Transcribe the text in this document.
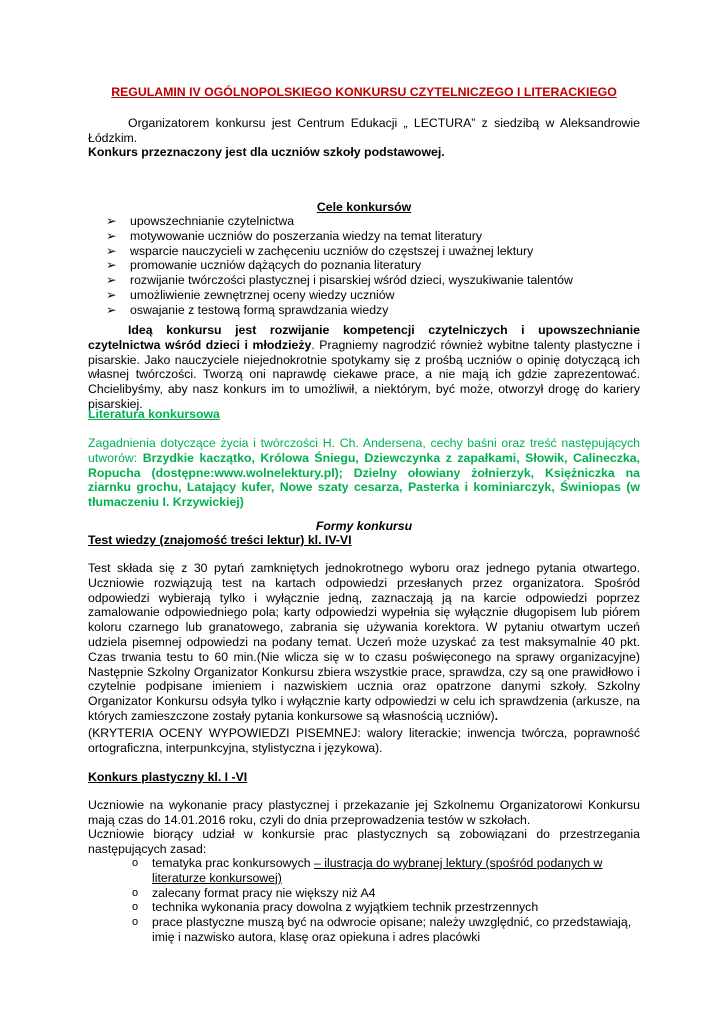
REGULAMIN IV OGÓLNOPOLSKIEGO KONKURSU CZYTELNICZEGO I LITERACKIEGO

Organizatorem konkursu jest Centrum Edukacji „ LECTURA” z siedzibą w Aleksandrowie Łódzkim.

Konkurs przeznaczony jest dla uczniów szkoły podstawowej.

Cele konkursów
➢ upowszechnianie czytelnictwa
➢ motywowanie uczniów do poszerzania wiedzy na temat literatury
➢ wsparcie nauczycieli w zachęceniu uczniów do częstszej i uważnej lektury
➢ promowanie uczniów dążących do poznania literatury
➢ rozwijanie twórczości plastycznej i pisarskiej wśród dzieci, wyszukiwanie talentów
➢ umożliwienie zewnętrznej oceny wiedzy uczniów
➢ oswajanie z testową formą sprawdzania wiedzy

Ideą konkursu jest rozwijanie kompetencji czytelniczych i upowszechnianie czytelnictwa wśród dzieci i młodzieży. Pragniemy nagrodzić również wybitne talenty plastyczne i pisarskie. Jako nauczyciele niejednokrotnie spotykamy się z prośbą uczniów o opinię dotyczącą ich własnej twórczości. Tworzą oni naprawdę ciekawe prace, a nie mają ich gdzie zaprezentować. Chcielibyśmy, aby nasz konkurs im to umożliwił, a niektórym, być może, otworzył drogę do kariery pisarskiej.

Literatura konkursowa

Zagadnienia dotyczące życia i twórczości H. Ch. Andersena, cechy baśni oraz treść następujących utworów: Brzydkie kaczątko, Królowa Śniegu, Dziewczynka z zapałkami, Słowik, Calineczka, Ropucha (dostępne:www.wolnelektury.pl); Dzielny ołowiany żołnierzyk, Księżniczka na ziarnku grochu, Latający kufer, Nowe szaty cesarza, Pasterka i kominiarczyk, Świniopas (w tłumaczeniu I. Krzywickiej)

Formy konkursu
Test wiedzy (znajomość treści lektur) kl. IV-VI

Test składa się z 30 pytań zamkniętych jednokrotnego wyboru oraz jednego pytania otwartego. Uczniowie rozwiązują test na kartach odpowiedzi przesłanych przez organizatora. Spośród odpowiedzi wybierają tylko i wyłącznie jedną, zaznaczają ją na karcie odpowiedzi poprzez zamalowanie odpowiedniego pola; karty odpowiedzi wypełnia się wyłącznie długopisem lub piórem koloru czarnego lub granatowego, zabrania się używania korektora. W pytaniu otwartym uczeń udziela pisemnej odpowiedzi na podany temat. Uczeń może uzyskać za test maksymalnie 40 pkt. Czas trwania testu to 60 min.(Nie wlicza się w to czasu poświęconego na sprawy organizacyjne) Następnie Szkolny Organizator Konkursu zbiera wszystkie prace, sprawdza, czy są one prawidłowo i czytelnie podpisane imieniem i nazwiskiem ucznia oraz opatrzone danymi szkoły. Szkolny Organizator Konkursu odsyła tylko i wyłącznie karty odpowiedzi w celu ich sprawdzenia (arkusze, na których zamieszczone zostały pytania konkursowe są własnością uczniów).

(KRYTERIA OCENY WYPOWIEDZI PISEMNEJ: walory literackie; inwencja twórcza, poprawność ortograficzna, interpunkcyjna, stylistyczna i językowa).

Konkurs plastyczny kl. I -VI

Uczniowie na wykonanie pracy plastycznej i przekazanie jej Szkolnemu Organizatorowi Konkursu mają czas do 14.01.2016 roku, czyli do dnia przeprowadzenia testów w szkołach.

Uczniowie biorący udział w konkursie prac plastycznych są zobowiązani do przestrzegania następujących zasad:

o tematyka prac konkursowych – ilustracja do wybranej lektury (spośród podanych w literaturze konkursowej)
o zalecany format pracy nie większy niż A4
o technika wykonania pracy dowolna z wyjątkiem technik przestrzennych
o prace plastyczne muszą być na odwrocie opisane; należy uwzględnić, co przedstawiają, imię i nazwisko autora, klasę oraz opiekuna i adres placówki
